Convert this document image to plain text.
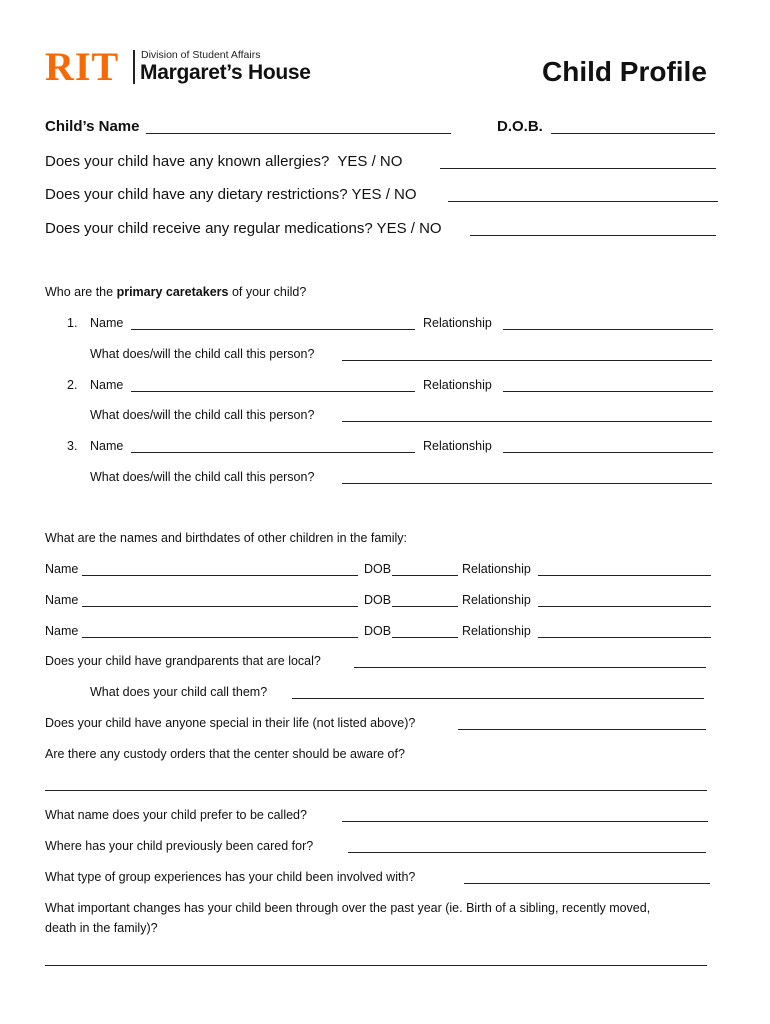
RIT Division of Student Affairs
Margaret’s House	Child Profile
Child’s Name	D.O.B.
Does your child have any known allergies?  YES / NO
Does your child have any dietary restrictions? YES / NO
Does your child receive any regular medications? YES / NO
Who are the primary caretakers of your child?
1. Name	Relationship
What does/will the child call this person?
2. Name	Relationship
What does/will the child call this person?
3. Name	Relationship
What does/will the child call this person?
What are the names and birthdates of other children in the family:
Name	DOB	Relationship
Name	DOB	Relationship
Name	DOB	Relationship
Does your child have grandparents that are local?
What does your child call them?
Does your child have anyone special in their life (not listed above)?
Are there any custody orders that the center should be aware of?
What name does your child prefer to be called?
Where has your child previously been cared for?
What type of group experiences has your child been involved with?
What important changes has your child been through over the past year (ie. Birth of a sibling, recently moved,
death in the family)?
